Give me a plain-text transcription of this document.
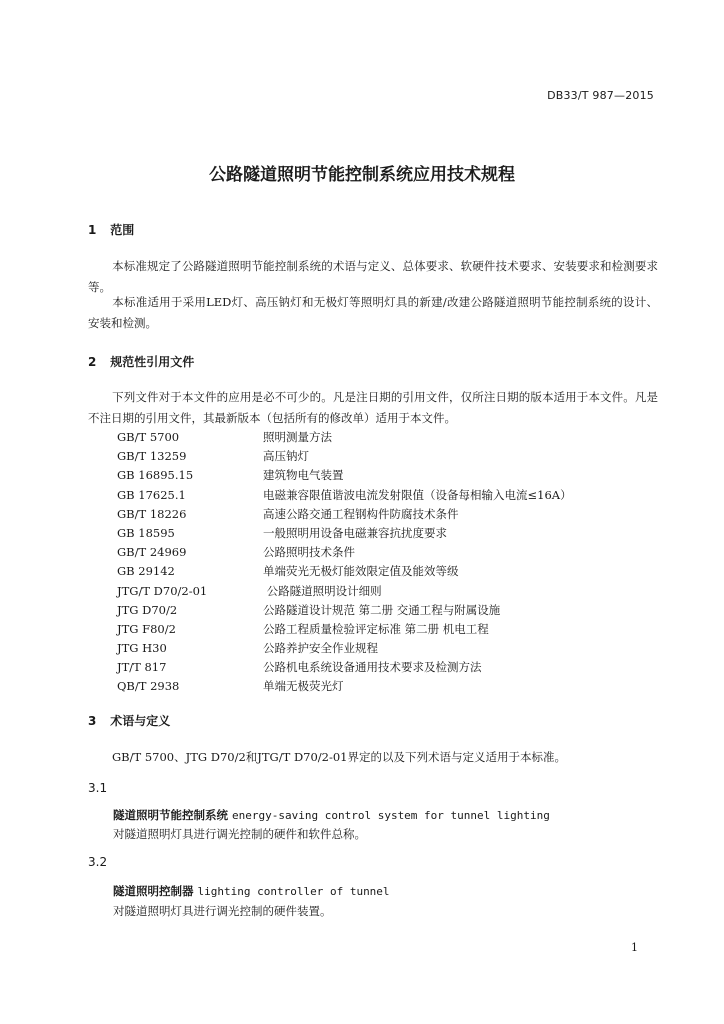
DB33/T 987—2015
公路隧道照明节能控制系统应用技术规程
1 范围
本标准规定了公路隧道照明节能控制系统的术语与定义、总体要求、软硬件技术要求、安装要求和检测要求等。
本标准适用于采用LED灯、高压钠灯和无极灯等照明灯具的新建/改建公路隧道照明节能控制系统的设计、安装和检测。
2 规范性引用文件
下列文件对于本文件的应用是必不可少的。凡是注日期的引用文件，仅所注日期的版本适用于本文件。凡是不注日期的引用文件，其最新版本（包括所有的修改单）适用于本文件。
GB/T 5700	照明测量方法
GB/T 13259	高压钠灯
GB 16895.15	建筑物电气装置
GB 17625.1	电磁兼容限值谐波电流发射限值（设备每相输入电流≤16A）
GB/T 18226	高速公路交通工程钢构件防腐技术条件
GB 18595	一般照明用设备电磁兼容抗扰度要求
GB/T 24969	公路照明技术条件
GB 29142	单端荧光无极灯能效限定值及能效等级
JTG/T D70/2-01	公路隧道照明设计细则
JTG D70/2	公路隧道设计规范 第二册 交通工程与附属设施
JTG F80/2	公路工程质量检验评定标准 第二册 机电工程
JTG H30	公路养护安全作业规程
JT/T 817	公路机电系统设备通用技术要求及检测方法
QB/T 2938	单端无极荧光灯
3 术语与定义
GB/T 5700、JTG D70/2和JTG/T D70/2-01界定的以及下列术语与定义适用于本标准。
3.1
隧道照明节能控制系统 energy-saving control system for tunnel lighting
对隧道照明灯具进行调光控制的硬件和软件总称。
3.2
隧道照明控制器 lighting controller of tunnel
对隧道照明灯具进行调光控制的硬件装置。
1
